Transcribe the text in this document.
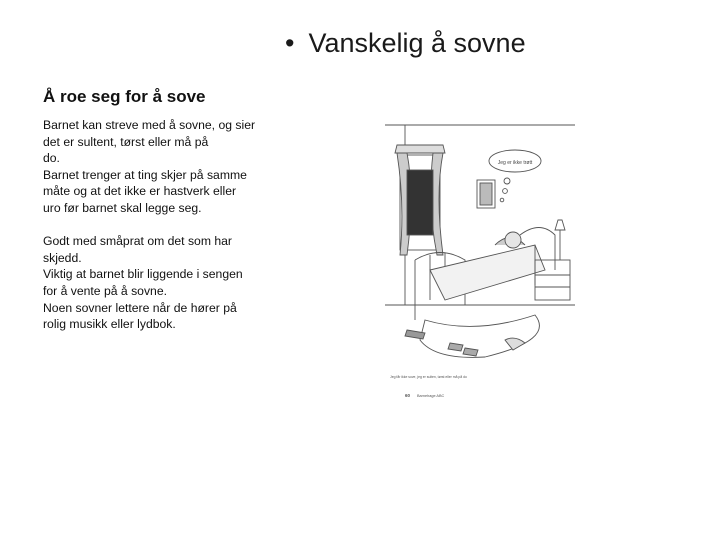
• Vanskelig å sovne
Å roe seg for å sove

Barnet kan streve med å sovne, og sier

det er sultent, tørst eller må på

do.

Barnet trenger at ting skjer på samme

måte og at det ikke er hastverk eller

uro før barnet skal legge seg.

Godt med småprat om det som har

skjedd.

Viktig at barnet blir liggende i sengen

for å vente på å sovne.

Noen sovner lettere når de hører på

rolig musikk eller lydbok.

Jeg er ikke trøtt
Jeg får ikke sove, jeg er sulten, tørst eller må på do
60 Barnehage ABC
